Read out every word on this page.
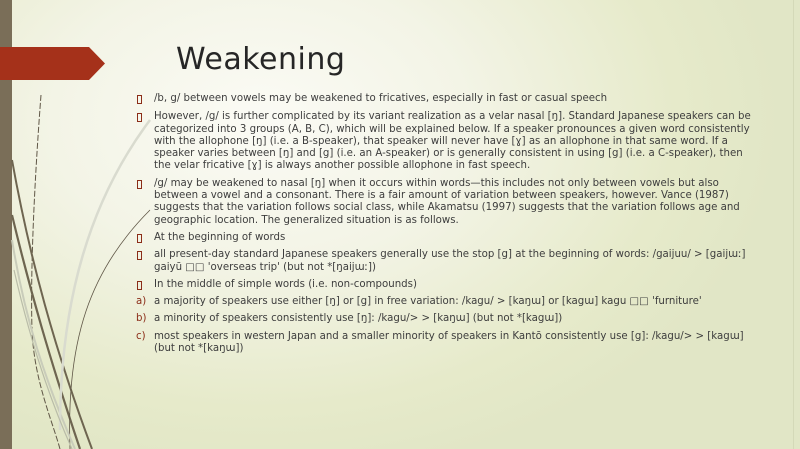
Weakening
/b, g/ between vowels may be weakened to fricatives, especially in fast or casual speech
However, /g/ is further complicated by its variant realization as a velar nasal [ŋ]. Standard Japanese speakers can be categorized into 3 groups (A, B, C), which will be explained below. If a speaker pronounces a given word consistently with the allophone [ŋ] (i.e. a B-speaker), that speaker will never have [ɣ] as an allophone in that same word. If a speaker varies between [ŋ] and [g] (i.e. an A-speaker) or is generally consistent in using [g] (i.e. a C-speaker), then the velar fricative [ɣ] is always another possible allophone in fast speech.
/g/ may be weakened to nasal [ŋ] when it occurs within words—this includes not only between vowels but also between a vowel and a consonant. There is a fair amount of variation between speakers, however. Vance (1987) suggests that the variation follows social class, while Akamatsu (1997) suggests that the variation follows age and geographic location. The generalized situation is as follows.
At the beginning of words
all present-day standard Japanese speakers generally use the stop [g] at the beginning of words: /gaijuu/ > [gaijɯː] gaiyū □□ 'overseas trip' (but not *[ŋaijɯː])
In the middle of simple words (i.e. non-compounds)
a) a majority of speakers use either [ŋ] or [g] in free variation: /kagu/ > [kaŋɯ] or [kagɯ] kagu □□ 'furniture'
b) a minority of speakers consistently use [ŋ]: /kagu/> > [kaŋɯ] (but not *[kagɯ])
c) most speakers in western Japan and a smaller minority of speakers in Kantō consistently use [g]: /kagu/> > [kagɯ] (but not *[kaŋɯ])
